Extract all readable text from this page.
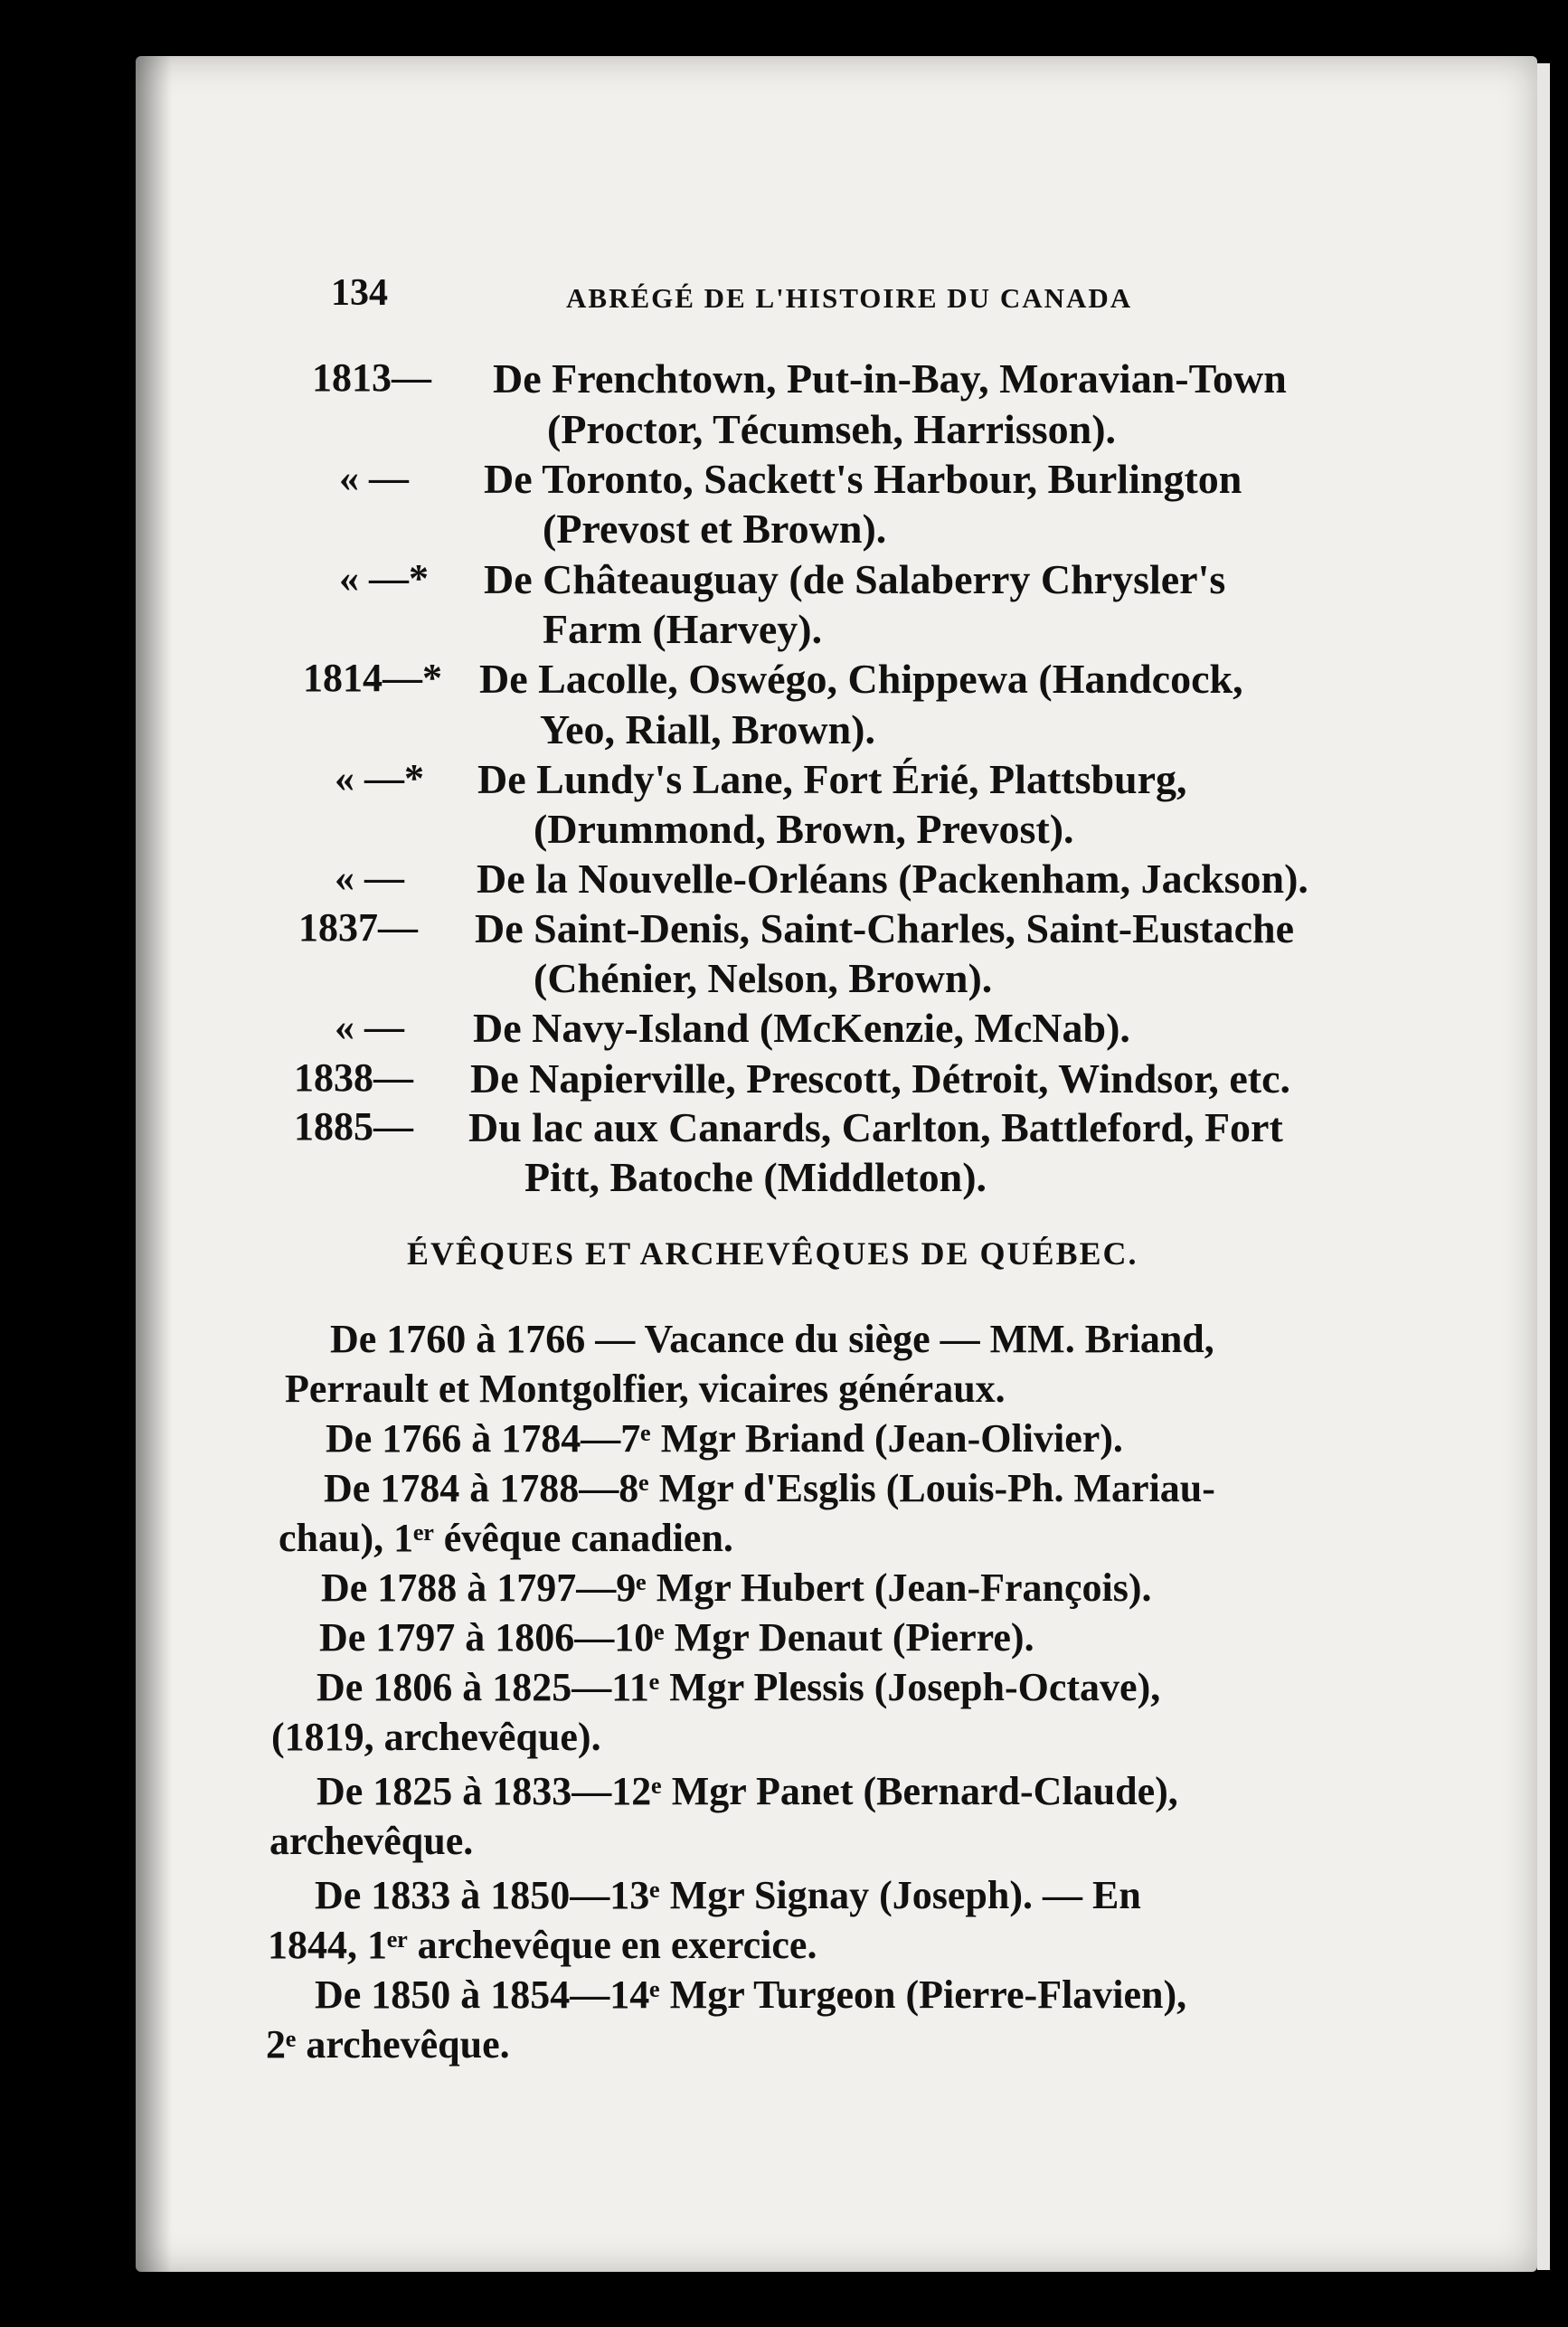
134	ABRÉGÉ DE L'HISTOIRE DU CANADA
1813— De Frenchtown, Put-in-Bay, Moravian-Town
(Proctor, Técumseh, Harrisson).
« — De Toronto, Sackett's Harbour, Burlington
(Prevost et Brown).
« —* De Châteauguay (de Salaberry Chrysler's
Farm (Harvey).
1814—* De Lacolle, Oswégo, Chippewa (Handcock,
Yeo, Riall, Brown).
« —* De Lundy's Lane, Fort Érié, Plattsburg,
(Drummond, Brown, Prevost).
« — De la Nouvelle-Orléans (Packenham, Jackson).
1837— De Saint-Denis, Saint-Charles, Saint-Eustache
(Chénier, Nelson, Brown).
« — De Navy-Island (McKenzie, McNab).
1838— De Napierville, Prescott, Détroit, Windsor, etc.
1885— Du lac aux Canards, Carlton, Battleford, Fort
Pitt, Batoche (Middleton).
ÉVÊQUES ET ARCHEVÊQUES DE QUÉBEC.
De 1760 à 1766 — Vacance du siège — MM. Briand,
Perrault et Montgolfier, vicaires généraux.
De 1766 à 1784—7ᵉ Mgr Briand (Jean-Olivier).
De 1784 à 1788—8ᵉ Mgr d'Esglis (Louis-Ph. Mariau-
chau), 1ᵉʳ évêque canadien.
De 1788 à 1797—9ᵉ Mgr Hubert (Jean-François).
De 1797 à 1806—10ᵉ Mgr Denaut (Pierre).
De 1806 à 1825—11ᵉ Mgr Plessis (Joseph-Octave),
(1819, archevêque).
De 1825 à 1833—12ᵉ Mgr Panet (Bernard-Claude),
archevêque.
De 1833 à 1850—13ᵉ Mgr Signay (Joseph). — En
1844, 1ᵉʳ archevêque en exercice.
De 1850 à 1854—14ᵉ Mgr Turgeon (Pierre-Flavien),
2ᵉ archevêque.
